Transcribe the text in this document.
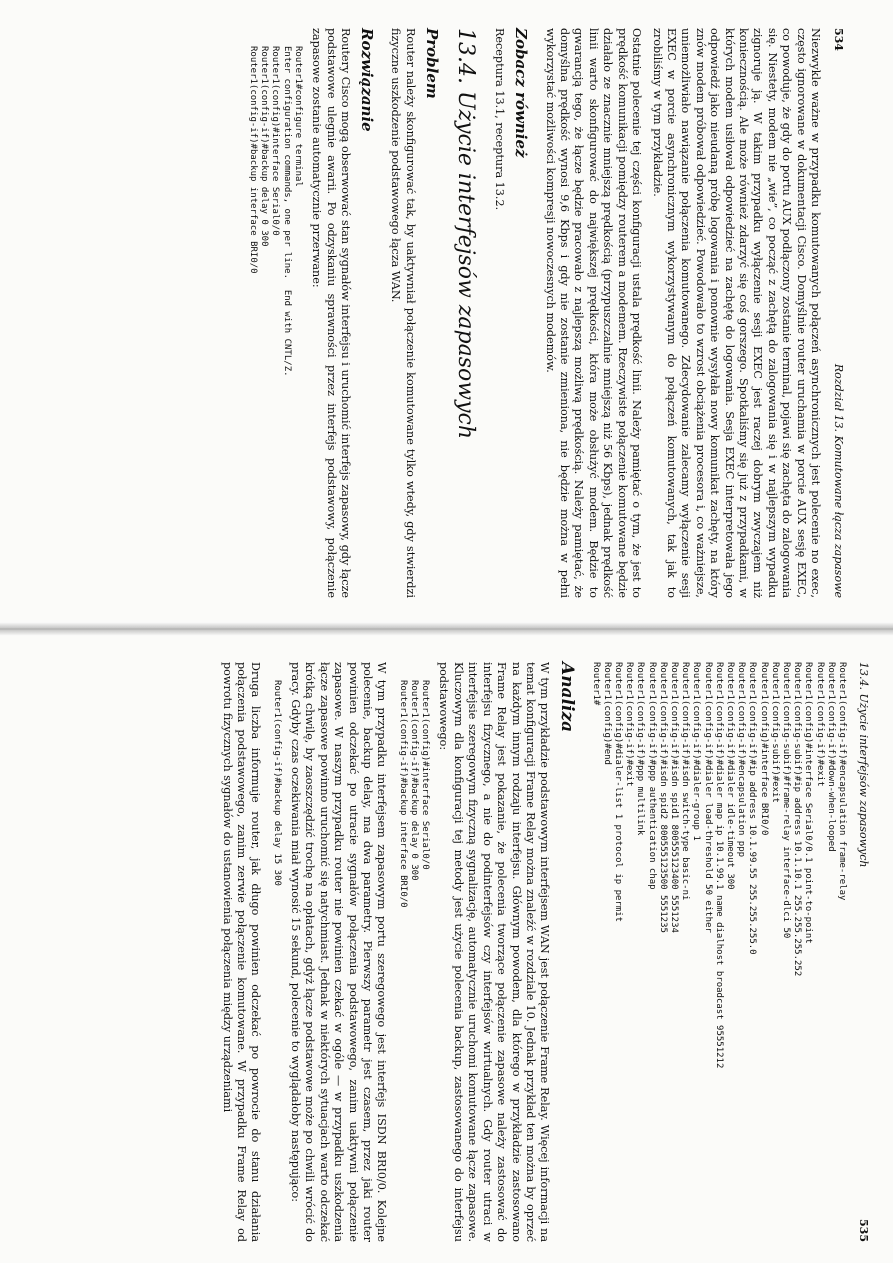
534
Rozdział 13. Komutowane łącza zapasowe

Niezwykle ważne w przypadku komutowanych połączeń asynchronicznych jest polecenie no exec, często ignorowane w dokumentacji Cisco. Domyślnie router uruchamia w porcie AUX sesję EXEC, co powoduje, że gdy do portu AUX podłączony zostanie terminal, pojawi się zachęta do zalogowania się. Niestety, modem nie „wie”, co począć z zachętą do zalogowania się i w najlepszym wypadku zignoruje ją. W takim przypadku wyłączenie sesji EXEC jest raczej dobrym zwyczajem niż koniecznością. Ale może również zdarzyć się coś gorszego. Spotkaliśmy się już z przypadkami, w których modem usiłował odpowiedzieć na zachętę do logowania. Sesja EXEC interpretowała jego odpowiedź jako nieudaną próbę logowania i ponownie wysyłała nowy komunikat zachęty, na który znów modem próbował odpowiedzieć. Powodowało to wzrost obciążenia procesora i, co ważniejsze, uniemożliwiało nawiązanie połączenia komutowanego. Zdecydowanie zalecamy wyłączenie sesji EXEC w porcie asynchronicznym wykorzystywanym do połączeń komutowanych, tak jak to zrobiliśmy w tym przykładzie.

Ostatnie polecenie tej części konfiguracji ustala prędkość linii. Należy pamiętać o tym, że jest to prędkość komunikacji pomiędzy routerem a modemem. Rzeczywiste połączenie komutowane będzie działało ze znacznie mniejszą prędkością (przypuszczalnie mniejszą niż 56 Kbps), jednak prędkość linii warto skonfigurować do największej prędkości, która może obsłużyć modem. Będzie to gwarancją tego, że łącze będzie pracowało z najlepszą możliwą prędkością. Należy pamiętać, że domyślna prędkość wynosi 9,6 Kbps i gdy nie zostanie zmieniona, nie będzie można w pełni wykorzystać możliwości kompresji nowoczesnych modemów.

Zobacz również

Receptura 13.1, receptura 13.2.

13.4. Użycie interfejsów zapasowych
Problem

Router należy skonfigurować tak, by uaktywniał połączenie komutowane tylko wtedy, gdy stwierdzi fizyczne uszkodzenie podstawowego łącza WAN.

Rozwiązanie

Routery Cisco mogą obserwować stan sygnałów interfejsu i uruchomić interfejs zapasowy, gdy łącze podstawowe ulegnie awarii. Po odzyskaniu sprawności przez interfejs podstawowy, połączenie zapasowe zostanie automatycznie przerwane:

Router1#configure terminal
Enter configuration commands, one per line.  End with CNTL/Z.
Router1(config)#interface Serial0/0
Router1(config-if)#backup delay 0 300
Router1(config-if)#backup interface BRI0/0
13.4. Użycie interfejsów zapasowych
535
Router1(config-if)#encapsulation frame-relay
Router1(config-if)#down-when-looped
Router1(config-if)#exit
Router1(config)#interface Serial0/0.1 point-to-point
Router1(config-subif)#ip address 10.1.10.1 255.255.255.252
Router1(config-subif)#frame-relay interface-dlci 50
Router1(config-subif)#exit
Router1(config)#interface BRI0/0
Router1(config-if)#ip address 10.1.99.55 255.255.255.0
Router1(config-if)#encapsulation ppp
Router1(config-if)#dialer idle-timeout 300
Router1(config-if)#dialer map ip 10.1.99.1 name dialhost broadcast 95551212
Router1(config-if)#dialer load-threshold 50 either
Router1(config-if)#dialer-group 1
Router1(config-if)#isdn switch-type basic-ni
Router1(config-if)#isdn spid1 800555123400 5551234
Router1(config-if)#isdn spid2 800555123500 5551235
Router1(config-if)#ppp authentication chap
Router1(config-if)#ppp multilink
Router1(config-if)#exit
Router1(config)#dialer-list 1 protocol ip permit
Router1(config)#end
Router1#
Analiza

W tym przykładzie podstawowym interfejsem WAN jest połączenie Frame Relay. Więcej informacji na temat konfiguracji Frame Relay można znaleźć w rozdziale 10. Jednak przykład ten można by oprzeć na każdym innym rodzaju interfejsu. Głównym powodem, dla którego w przykładzie zastosowano Frame Relay jest pokazanie, że polecenia tworzące połączenie zapasowe należy zastosować do interfejsu fizycznego, a nie do podinterfejsów czy interfejsów wirtualnych. Gdy router utraci w interfejsie szeregowym fizyczną sygnalizację, automatycznie uruchomi komutowane łącze zapasowe. Kluczowym dla konfiguracji tej metody jest użycie polecenia backup, zastosowanego do interfejsu podstawowego:

Router1(config)#interface Serial0/0
Router1(config-if)#backup delay 0 300
Router1(config-if)#backup interface BRI0/0

W tym przypadku interfejsem zapasowym portu szeregowego jest interfejs ISDN BRI0/0. Kolejne polecenie, backup delay, ma dwa parametry. Pierwszy parametr jest czasem, przez jaki router powinien odczekać po utracie sygnałów połączenia podstawowego, zanim uaktywni połączenie zapasowe. W naszym przypadku router nie powinien czekać w ogóle — w przypadku uszkodzenia łącze zapasowe powinno uruchomić się natychmiast. Jednak w niektórych sytuacjach warto odczekać krótką chwilę, by zaoszczędzić trochę na opłatach, gdyż łącze podstawowe może po chwili wrócić do pracy. Gdyby czas oczekiwania miał wynosić 15 sekund, polecenie to wyglądałoby następująco:

Router1(config-if)#backup delay 15 300

Druga liczba informuje router, jak długo powinien odczekać po powrocie do stanu działania połączenia podstawowego, zanim zerwie połączenie komutowane. W przypadku Frame Relay od powrotu fizycznych sygnałów do ustanowienia połączenia między urządzeniami
